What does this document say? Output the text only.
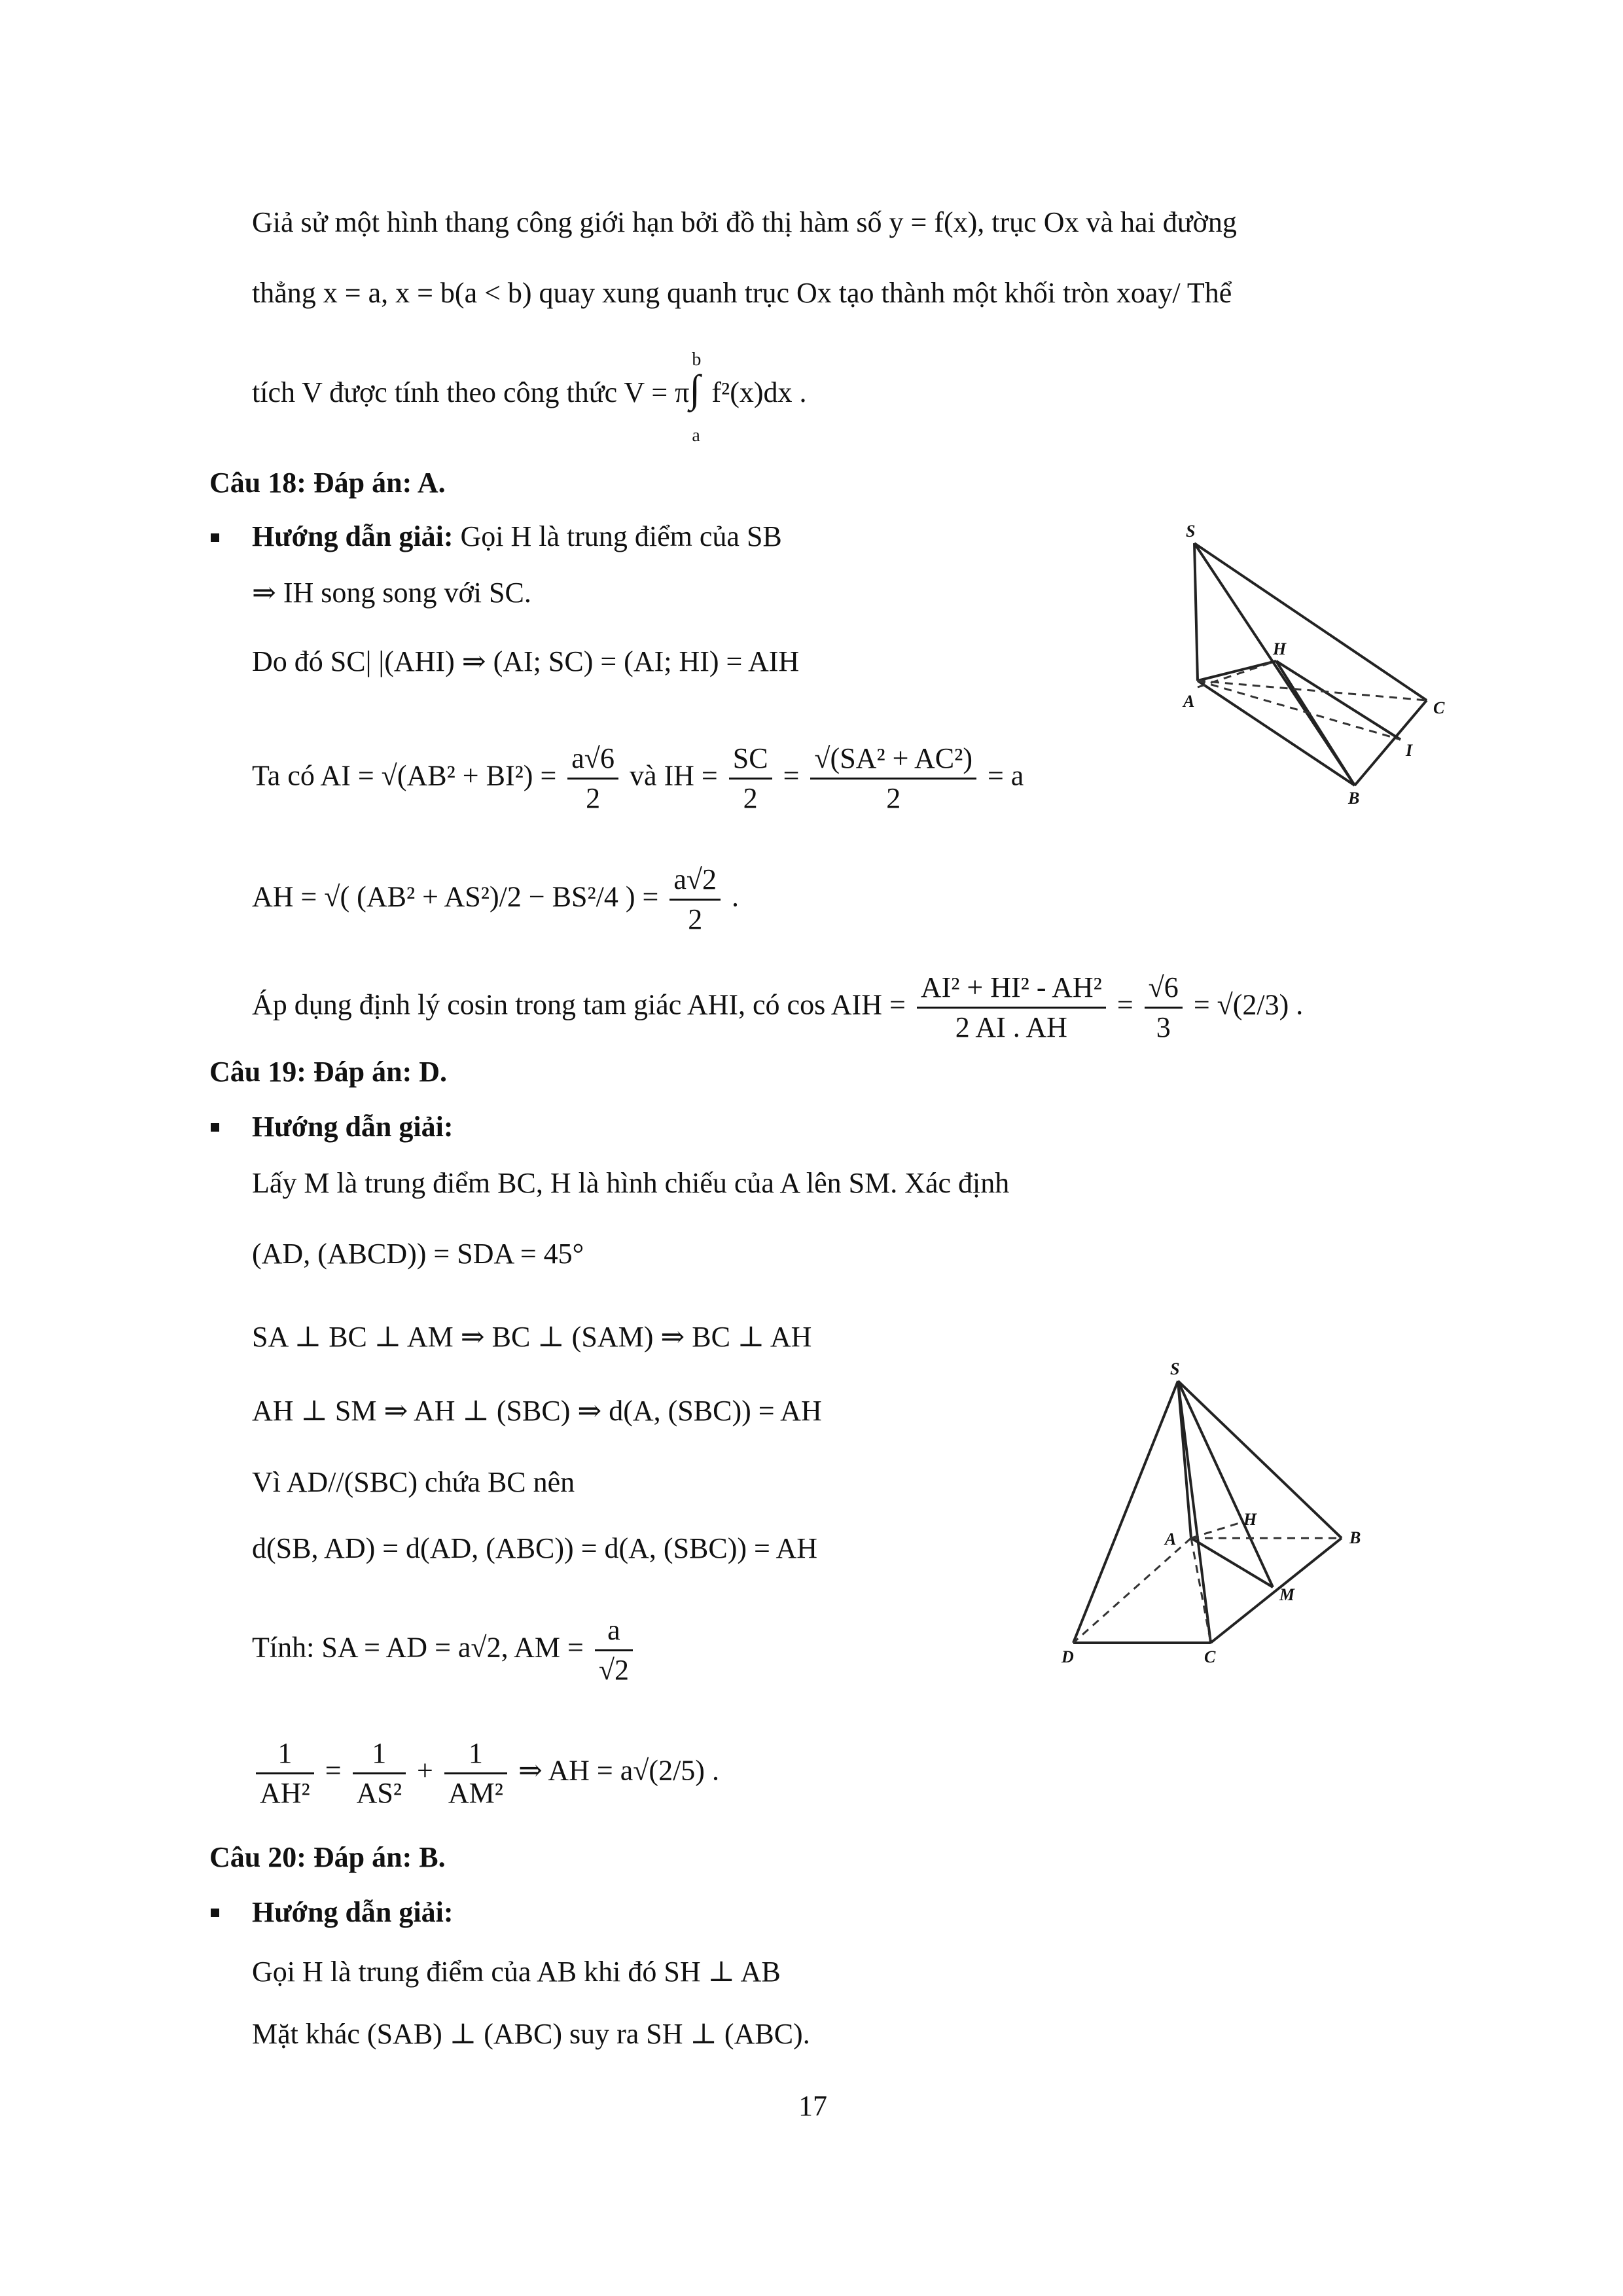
Giả sử một hình thang công giới hạn bởi đồ thị hàm số y = f(x), trục Ox và hai đường
thẳng x = a, x = b(a < b) quay xung quanh trục Ox tạo thành một khối tròn xoay/ Thể
tích V được tính theo công thức V = π∫
b
a
f²(x)dx .
Câu 18: Đáp án: A.
Hướng dẫn giải: Gọi H là trung điểm của SB
⇒ IH song song với SC.
Do đó SC| |(AHI) ⇒ (AI; SC) = (AI; HI) = AIH
Ta có AI = $√(AB^2 + BI^2) = \frac{a√6}{2}$ và IH = $\frac{SC}{2} = \frac{\text{√(SA² + AC²)}}{2} = a$
AH = √( (AB² + AS²)/2 − BS²/4 ) = $\frac{a√2}{2}$ .
Áp dụng định lý cosin trong tam giác AHI, có cos AIH = $\frac{\text{AI² + HI² - AH²}}{2 AI . AH} = \frac{√6}{3} = √(2/3)$ .
S
H
A	C
I
B
Câu 19: Đáp án: D.
Hướng dẫn giải:
Lấy M là trung điểm BC, H là hình chiếu của A lên SM. Xác định
(AD, (ABCD)) = SDA = 45°
SA ⊥ BC ⊥ AM ⇒ BC ⊥ (SAM) ⇒ BC ⊥ AH
AH ⊥ SM ⇒ AH ⊥ (SBC) ⇒ d(A, (SBC)) = AH
Vì AD//(SBC) chứa BC nên
d(SB, AD) = d(AD, (ABC)) = d(A, (SBC)) = AH
Tính: SA = AD = a√2, AM = $\frac{a}{√2}$
$\frac{1}{\text{AH²}} = \frac{1}{\text{AS²}} + \frac{1}{\text{AM²}}$ ⇒ AH = a√(2/5) .
S
H
A	B
M
D	C
Câu 20: Đáp án: B.
Hướng dẫn giải:
Gọi H là trung điểm của AB khi đó SH ⊥ AB
Mặt khác (SAB) ⊥ (ABC) suy ra SH ⊥ (ABC).
17
